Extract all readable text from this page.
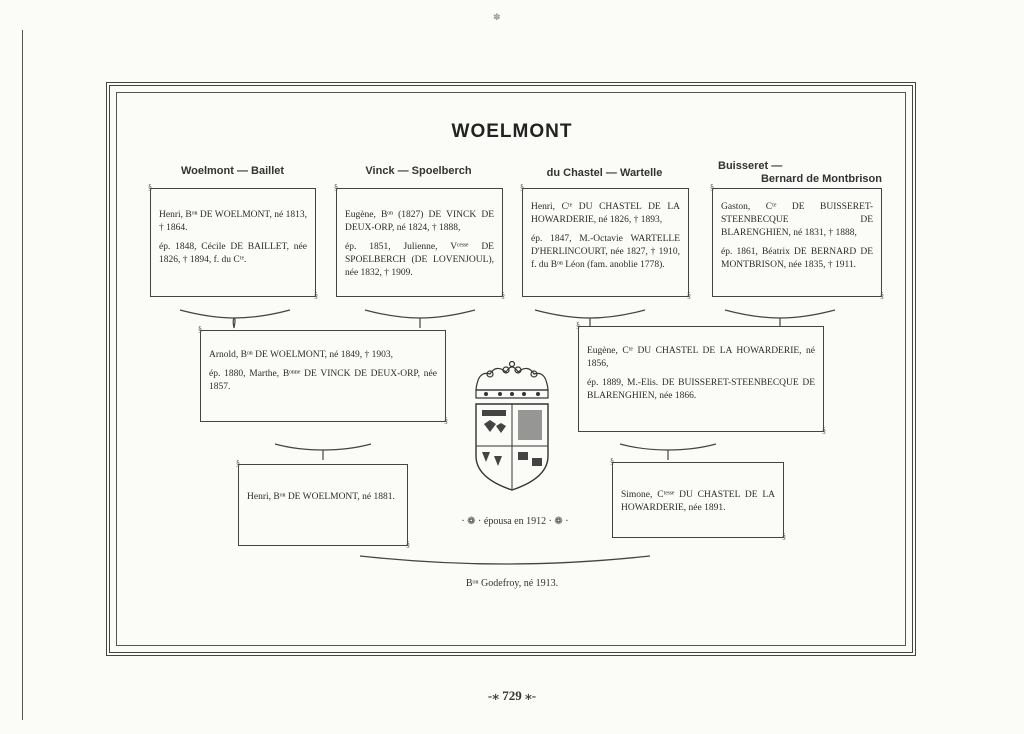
✽
WOELMONT
Woelmont — Baillet	Vinck — Spoelberch	du Chastel — Wartelle
Buisseret —
Bernard de Montbrison

§ Henri, Bᵒⁿ DE WOELMONT, né 1813, † 1864.

ép. 1848, Cécile DE BAILLET, née 1826, † 1894, f. du Cᵗᵉ.

§

§ Eugène, Bᵒⁿ (1827) DE VINCK DE DEUX-ORP, né 1824, † 1888,

ép. 1851, Julienne, Vᶜᵉˢˢᵉ DE SPOELBERCH (DE LOVENJOUL), née 1832, † 1909.

§

§ Henri, Cᵗᵉ DU CHASTEL DE LA HOWARDERIE, né 1826, † 1893,

ép. 1847, M.-Octavie WARTELLE D'HERLINCOURT, née 1827, † 1910, f. du Bᵒⁿ Léon (fam. anoblie 1778).

§

§ Gaston, Cᵗᵉ DE BUISSERET-STEENBECQUE DE BLARENGHIEN, né 1831, † 1888,

ép. 1861, Béatrix DE BERNARD DE MONTBRISON, née 1835, † 1911.

§

§ Arnold, Bᵒⁿ DE WOELMONT, né 1849, † 1903,

ép. 1880, Marthe, Bᵒⁿⁿᵉ DE VINCK DE DEUX-ORP, née 1857.

§

§ Eugène, Cᵗᵉ DU CHASTEL DE LA HOWARDERIE, né 1856,

ép. 1889, M.-Elis. DE BUISSERET-STEENBECQUE DE BLARENGHIEN, née 1866.

§

§ Henri, Bᵒⁿ DE WOELMONT, né 1881.

§

§	Simone, Cᵗᵉˢˢᵉ DU CHASTEL DE LA HOWARDERIE, née 1891.

§
· ❁ · épousa en 1912 · ❁ ·
Bᵒⁿ Godefroy, né 1913.
-⁎ 729 ⁎-
